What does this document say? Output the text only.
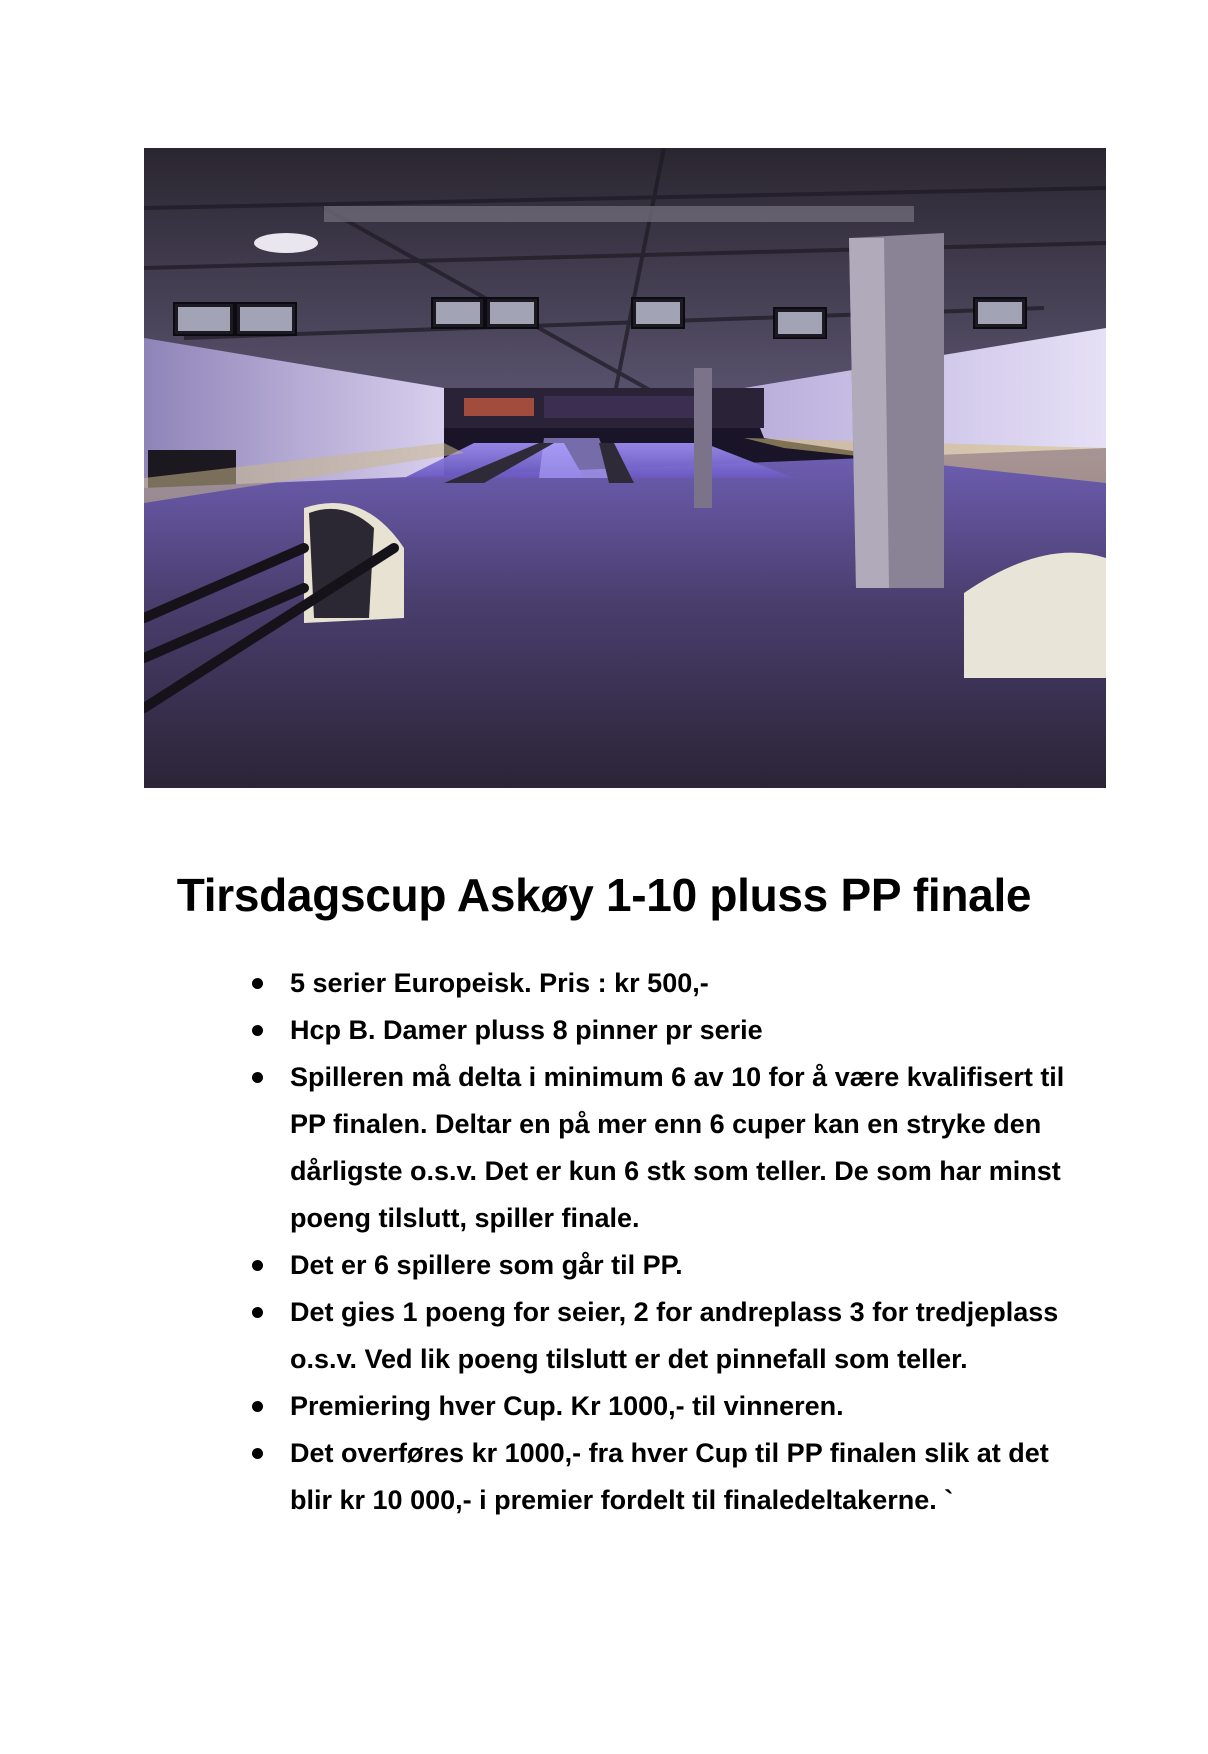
Tirsdagscup Askøy 1-10 pluss PP finale
5 serier Europeisk. Pris : kr 500,-
Hcp B. Damer pluss 8 pinner pr serie
Spilleren må delta i minimum 6 av 10 for å være kvalifisert til PP finalen. Deltar en på mer enn 6 cuper kan en stryke den dårligste o.s.v. Det er kun 6 stk som teller. De som har minst poeng tilslutt, spiller finale.
Det er 6 spillere som går til PP.
Det gies 1 poeng for seier, 2 for andreplass 3 for tredjeplass o.s.v. Ved lik poeng tilslutt er det pinnefall som teller.
Premiering hver Cup. Kr 1000,- til vinneren.
Det overføres kr 1000,- fra hver Cup til PP finalen slik at det blir kr 10 000,- i premier fordelt til finaledeltakerne. `
